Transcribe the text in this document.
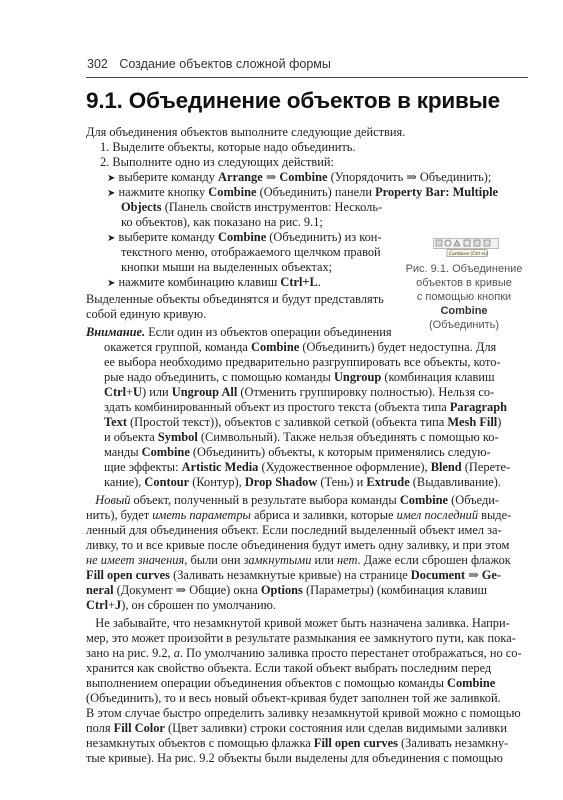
302 Создание объектов сложной формы
9.1. Объединение объектов в кривые
Для объединения объектов выполните следующие действия.
1. Выделите объекты, которые надо объединить.
2. Выполните одно из следующих действий:
➤ выберите команду Arrange ⇒ Combine (Упорядочить ⇒ Объединить);
➤ нажмите кнопку Combine (Объединить) панели Property Bar: Multiple
Objects (Панель свойств инструментов: Несколь-
ко объектов), как показано на рис. 9.1;
➤ выберите команду Combine (Объединить) из кон-
текстного меню, отображаемого щелчком правой
кнопки мыши на выделенных объектах;
➤ нажмите комбинацию клавиш Ctrl+L.
Combine (Ctrl+L)
Рис. 9.1. Объединение
объектов в кривые
с помощью кнопки
Combine
(Объединить)
Выделенные объекты объединятся и будут представлять
собой единую кривую.
Внимание. Если один из объектов операции объединения
окажется группой, команда Combine (Объединить) будет недоступна. Для
ее выбора необходимо предварительно разгруппировать все объекты, кото-
рые надо объединить, с помощью команды Ungroup (комбинация клавиш
Ctrl+U) или Ungroup All (Отменить группировку полностью). Нельзя со-
здать комбинированный объект из простого текста (объекта типа Paragraph
Text (Простой текст)), объектов с заливкой сеткой (объекта типа Mesh Fill)
и объекта Symbol (Символьный). Также нельзя объединять с помощью ко-
манды Combine (Объединить) объекты, к которым применялись следую-
щие эффекты: Artistic Media (Художественное оформление), Blend (Перете-
кание), Contour (Контур), Drop Shadow (Тень) и Extrude (Выдавливание).
Новый объект, полученный в результате выбора команды Combine (Объеди-
нить), будет иметь параметры абриса и заливки, которые имел последний выде-
ленный для объединения объект. Если последний выделенный объект имел за-
ливку, то и все кривые после объединения будут иметь одну заливку, и при этом
не имеет значения, были они замкнутыми или нет. Даже если сброшен флажок
Fill open curves (Заливать незамкнутые кривые) на странице Document ⇒ Ge-
neral (Документ ⇒ Общие) окна Options (Параметры) (комбинация клавиш
Ctrl+J), он сброшен по умолчанию.
Не забывайте, что незамкнутой кривой может быть назначена заливка. Напри-
мер, это может произойти в результате размыкания ее замкнутого пути, как пока-
зано на рис. 9.2, а. По умолчанию заливка просто перестанет отображаться, но со-
хранится как свойство объекта. Если такой объект выбрать последним перед
выполнением операции объединения объектов с помощью команды Combine
(Объединить), то и весь новый объект-кривая будет заполнен той же заливкой.
В этом случае быстро определить заливку незамкнутой кривой можно с помощью
поля Fill Color (Цвет заливки) строки состояния или сделав видимыми заливки
незамкнутых объектов с помощью флажка Fill open curves (Заливать незамкну-
тые кривые). На рис. 9.2 объекты были выделены для объединения с помощью
